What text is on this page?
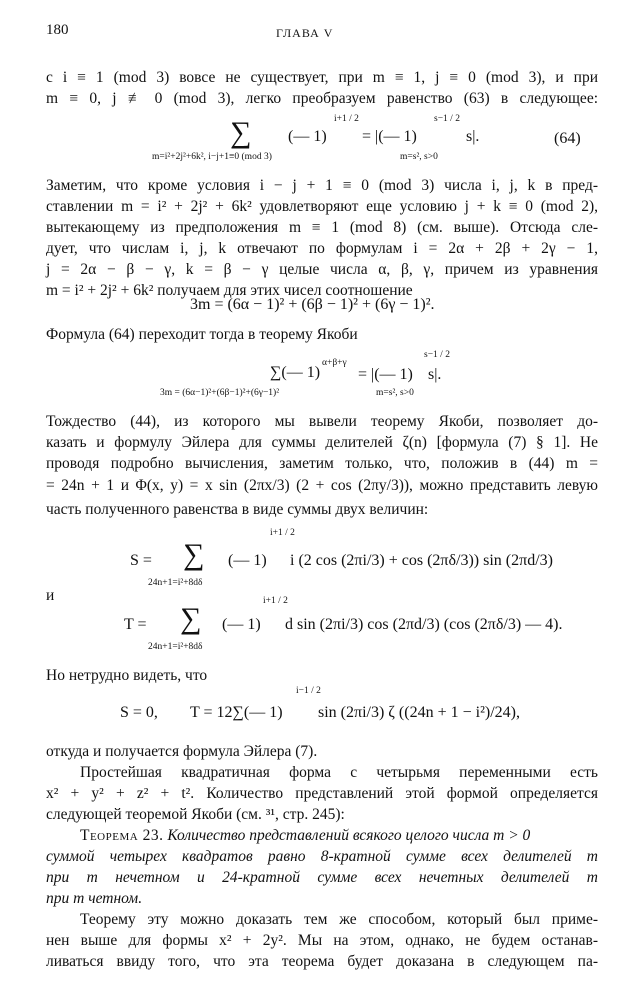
180	ГЛАВА V
с i ≡ 1 (mod 3) вовсе не существует, при m ≡ 1, j ≡ 0 (mod 3), и при
m ≡ 0, j ≢ 0 (mod 3), легко преобразуем равенство (63) в следующее:
∑ (— 1)
i+1 / 2
m=i²+2j²+6k², i−j+1≡0 (mod 3)
= |(— 1)
s−1 / 2
s|.
m=s², s>0
(64)
Заметим, что кроме условия i − j + 1 ≡ 0 (mod 3) числа i, j, k в пред-
ставлении m = i² + 2j² + 6k² удовлетворяют еще условию j + k ≡ 0 (mod 2),
вытекающему из предположения m ≡ 1 (mod 8) (см. выше). Отсюда сле-
дует, что числам i, j, k отвечают по формулам i = 2α + 2β + 2γ − 1,
j = 2α − β − γ, k = β − γ целые числа α, β, γ, причем из уравнения
m = i² + 2j² + 6k² получаем для этих чисел соотношение
3m = (6α − 1)² + (6β − 1)² + (6γ − 1)².
Формула (64) переходит тогда в теорему Якоби
∑(— 1)
α+β+γ
= |(— 1)
s−1 / 2
s|.
3m = (6α−1)²+(6β−1)²+(6γ−1)²	m=s², s>0
Тождество (44), из которого мы вывели теорему Якоби, позволяет до-
казать и формулу Эйлера для суммы делителей ζ(n) [формула (7) § 1]. Не
проводя подробно вычисления, заметим только, что, положив в (44) m =
= 24n + 1 и Φ(x, y) = x sin (2πx/3) (2 + cos (2πy/3)), можно представить левую
часть полученного равенства в виде суммы двух величин:
S = ∑ (— 1)
i+1 / 2
i (2 cos (2πi/3) + cos (2πδ/3)) sin (2πd/3)
24n+1=i²+8dδ
и
T = ∑ (— 1)
i+1 / 2
d sin (2πi/3) cos (2πd/3) (cos (2πδ/3) — 4).
24n+1=i²+8dδ
Но нетрудно видеть, что
S = 0, T = 12∑(— 1)
i−1 / 2
sin (2πi/3) ζ ((24n + 1 − i²)/24),
откуда и получается формула Эйлера (7).
Простейшая квадратичная форма с четырьмя переменными есть
x² + y² + z² + t². Количество представлений этой формой определяется
следующей теоремой Якоби (см. ³¹, стр. 245):
Теорема 23. Количество представлений всякого целого числа m > 0
суммой четырех квадратов равно 8-кратной сумме всех делителей m
при m нечетном и 24-кратной сумме всех нечетных делителей m
при m четном.
Теорему эту можно доказать тем же способом, который был приме-
нен выше для формы x² + 2y². Мы на этом, однако, не будем останав-
ливаться ввиду того, что эта теорема будет доказана в следующем па-
